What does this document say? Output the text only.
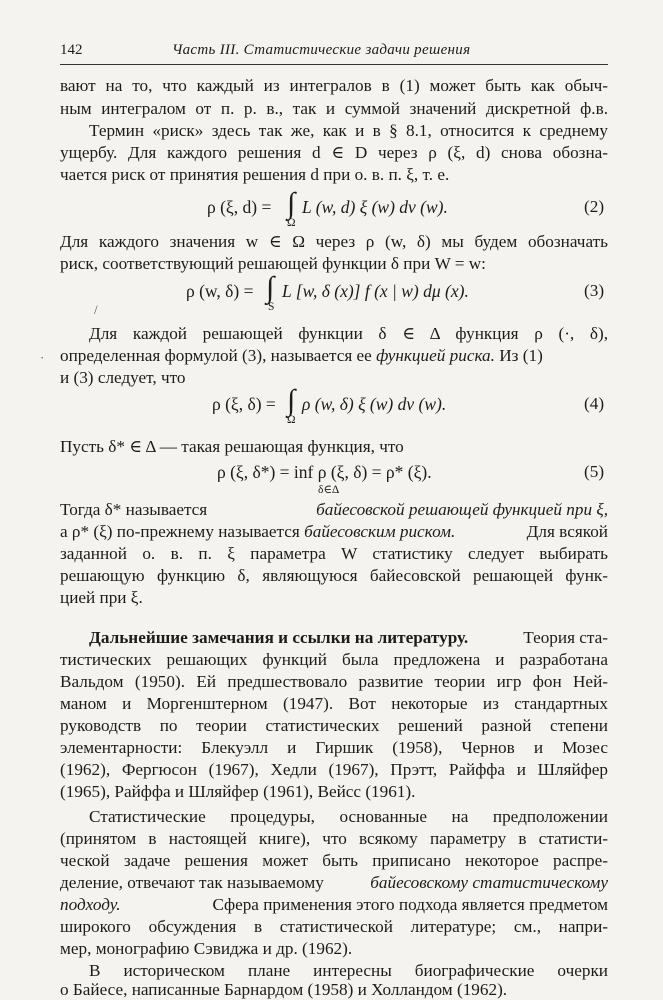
142	Часть III. Статистические задачи решения
вают на то, что каждый из интегралов в (1) может быть как обыч-
ным интегралом от п. р. в., так и суммой значений дискретной ф.в.
Термин «риск» здесь так же, как и в § 8.1, относится к среднему
ущербу. Для каждого решения d ∈ D через ρ (ξ, d) снова обозна-
чается риск от принятия решения d при о. в. п. ξ, т. е.
ρ (ξ, d) = ∫
Ω
L (w, d) ξ (w) dν (w).	(2)
Для каждого значения w ∈ Ω через ρ (w, δ) мы будем обозначать
риск, соответствующий решающей функции δ при W = w:
ρ (w, δ) = ∫
S
L [w, δ (x)] f (x | w) dμ (x).	(3)
/
Для каждой решающей функции δ ∈ Δ функция ρ (·, δ),
определенная формулой (3), называется ее функцией риска. Из (1)
и (3) следует, что
·
ρ (ξ, δ) = ∫
Ω
ρ (w, δ) ξ (w) dν (w).	(4)
Пусть δ* ∈ Δ — такая решающая функция, что
ρ (ξ, δ*) = inf ρ (ξ, δ) = ρ* (ξ).
δ∈Δ
(5)
Тогда δ* называется	байесовской решающей функцией при ξ,
а ρ* (ξ) по-прежнему называется байесовским риском.	Для всякой
заданной о. в. п. ξ параметра W статистику следует выбирать
решающую функцию δ, являющуюся байесовской решающей функ-
цией при ξ.
Дальнейшие замечания и ссылки на литературу.	Теория ста-
тистических решающих функций была предложена и разработана
Вальдом (1950). Ей предшествовало развитие теории игр фон Ней-
маном и Моргенштерном (1947). Вот некоторые из стандартных
руководств по теории статистических решений разной степени
элементарности: Блекуэлл и Гиршик (1958), Чернов и Мозес
(1962), Фергюсон (1967), Хедли (1967), Прэтт, Райффа и Шляйфер
(1965), Райффа и Шляйфер (1961), Вейсс (1961).
Статистические процедуры, основанные на предположении
(принятом в настоящей книге), что всякому параметру в статисти-
ческой задаче решения может быть приписано некоторое распре-
деление, отвечают так называемому	байесовскому статистическому
подходу.	Сфера применения этого подхода является предметом
широкого обсуждения в статистической литературе; см., напри-
мер, монографию Сэвиджа и др. (1962).
В историческом плане интересны биографические очерки
о Байесе, написанные Барнардом (1958) и Холландом (1962).
